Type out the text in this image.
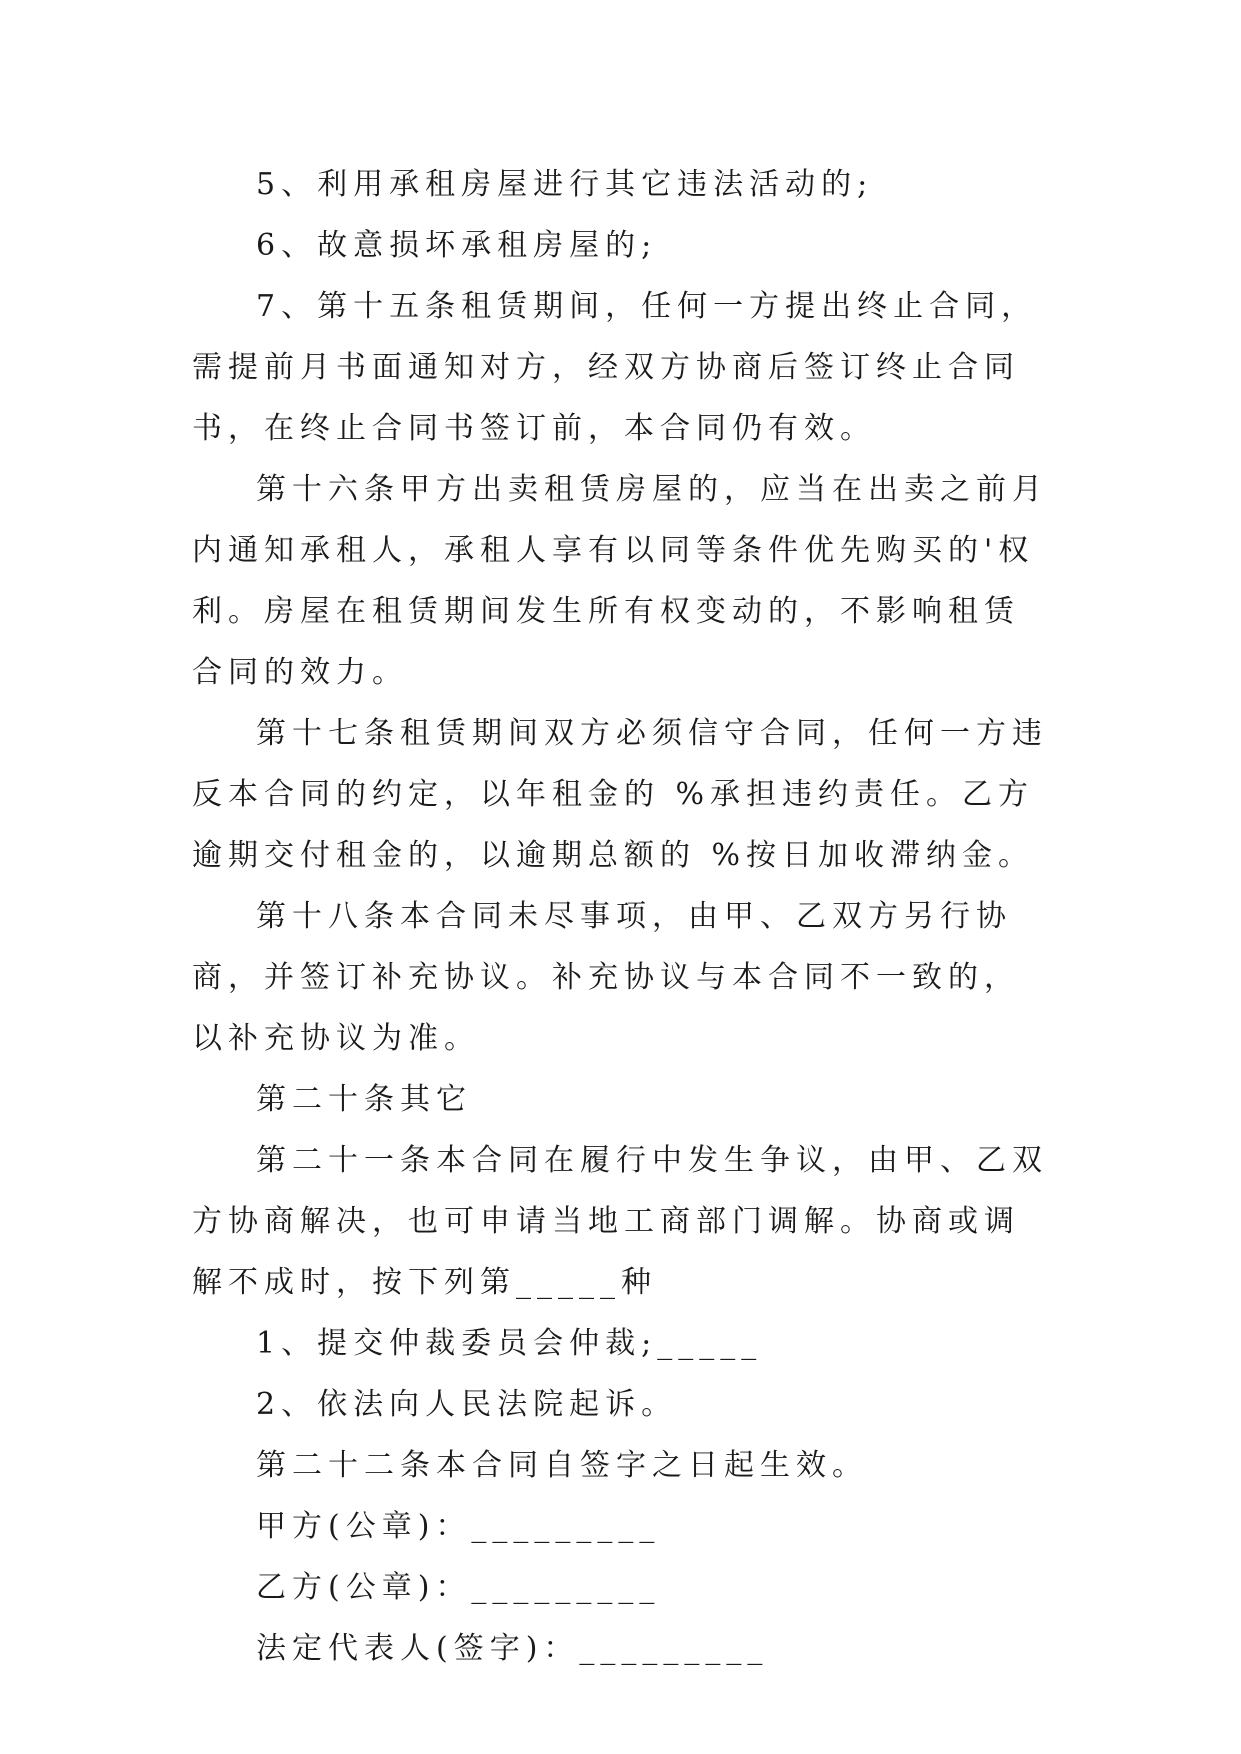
5、利用承租房屋进行其它违法活动的;

6、故意损坏承租房屋的;

7、第十五条租赁期间，任何一方提出终止合同，需提前月书面通知对方，经双方协商后签订终止合同书，在终止合同书签订前，本合同仍有效。

第十六条甲方出卖租赁房屋的，应当在出卖之前月内通知承租人，承租人享有以同等条件优先购买的'权利。房屋在租赁期间发生所有权变动的，不影响租赁合同的效力。

第十七条租赁期间双方必须信守合同，任何一方违反本合同的约定，以年租金的 %承担违约责任。乙方逾期交付租金的，以逾期总额的 %按日加收滞纳金。

第十八条本合同未尽事项，由甲、乙双方另行协商，并签订补充协议。补充协议与本合同不一致的，以补充协议为准。

第二十条其它

第二十一条本合同在履行中发生争议，由甲、乙双方协商解决，也可申请当地工商部门调解。协商或调解不成时，按下列第_____种

1、提交仲裁委员会仲裁;_____

2、依法向人民法院起诉。

第二十二条本合同自签字之日起生效。

甲方(公章)：_________

乙方(公章)：_________

法定代表人(签字)：_________
